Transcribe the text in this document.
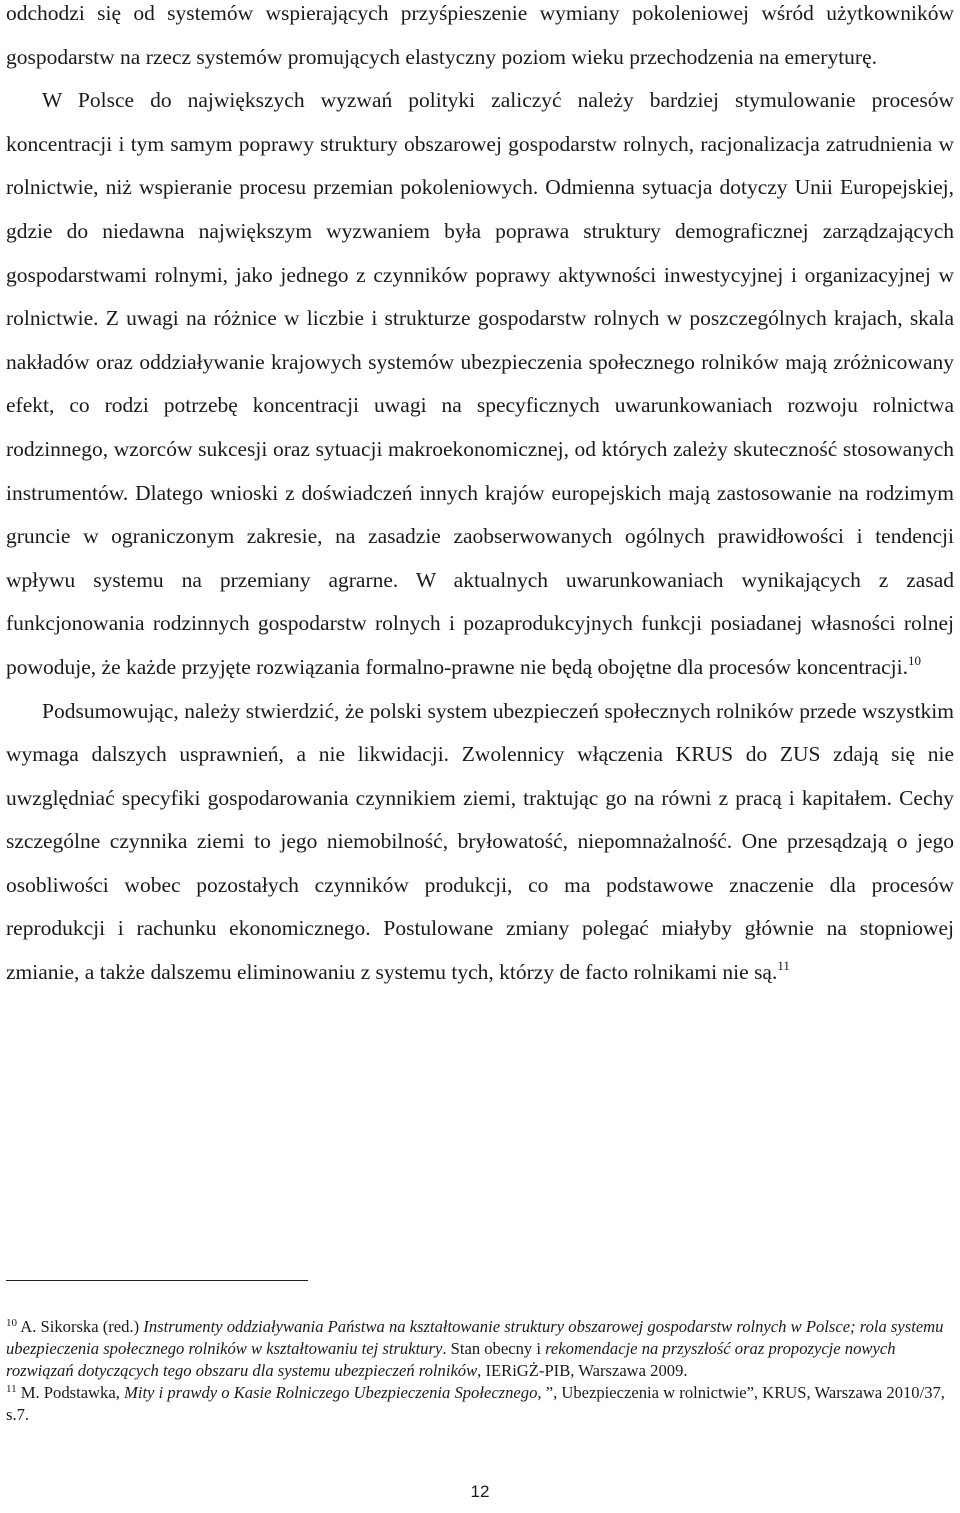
odchodzi się od systemów wspierających przyśpieszenie wymiany pokoleniowej wśród użytkowników gospodarstw na rzecz systemów promujących elastyczny poziom wieku przechodzenia na emeryturę.

W Polsce do największych wyzwań polityki zaliczyć należy bardziej stymulowanie procesów koncentracji i tym samym poprawy struktury obszarowej gospodarstw rolnych, racjonalizacja zatrudnienia w rolnictwie, niż wspieranie procesu przemian pokoleniowych. Odmienna sytuacja dotyczy Unii Europejskiej, gdzie do niedawna największym wyzwaniem była poprawa struktury demograficznej zarządzających gospodarstwami rolnymi, jako jednego z czynników poprawy aktywności inwestycyjnej i organizacyjnej w rolnictwie. Z uwagi na różnice w liczbie i strukturze gospodarstw rolnych w poszczególnych krajach, skala nakładów oraz oddziaływanie krajowych systemów ubezpieczenia społecznego rolników mają zróżnicowany efekt, co rodzi potrzebę koncentracji uwagi na specyficznych uwarunkowaniach rozwoju rolnictwa rodzinnego, wzorców sukcesji oraz sytuacji makroekonomicznej, od których zależy skuteczność stosowanych instrumentów. Dlatego wnioski z doświadczeń innych krajów europejskich mają zastosowanie na rodzimym gruncie w ograniczonym zakresie, na zasadzie zaobserwowanych ogólnych prawidłowości i tendencji wpływu systemu na przemiany agrarne. W aktualnych uwarunkowaniach wynikających z zasad funkcjonowania rodzinnych gospodarstw rolnych i pozaprodukcyjnych funkcji posiadanej własności rolnej powoduje, że każde przyjęte rozwiązania formalno-prawne nie będą obojętne dla procesów koncentracji.$^{10}$

Podsumowując, należy stwierdzić, że polski system ubezpieczeń społecznych rolników przede wszystkim wymaga dalszych usprawnień, a nie likwidacji. Zwolennicy włączenia KRUS do ZUS zdają się nie uwzględniać specyfiki gospodarowania czynnikiem ziemi, traktując go na równi z pracą i kapitałem. Cechy szczególne czynnika ziemi to jego niemobilność, bryłowatość, niepomnażalność. One przesądzają o jego osobliwości wobec pozostałych czynników produkcji, co ma podstawowe znaczenie dla procesów reprodukcji i rachunku ekonomicznego. Postulowane zmiany polegać miałyby głównie na stopniowej zmianie, a także dalszemu eliminowaniu z systemu tych, którzy de facto rolnikami nie są.$^{11}$

$^{10}$ A. Sikorska (red.) Instrumenty oddziaływania Państwa na kształtowanie struktury obszarowej gospodarstw rolnych w Polsce; rola systemu ubezpieczenia społecznego rolników w kształtowaniu tej struktury. Stan obecny i rekomendacje na przyszłość oraz propozycje nowych rozwiązań dotyczących tego obszaru dla systemu ubezpieczeń rolników, IERiGŻ-PIB, Warszawa 2009.

$^{11}$ M. Podstawka, Mity i prawdy o Kasie Rolniczego Ubezpieczenia Społecznego, ”, Ubezpieczenia w rolnictwie”, KRUS, Warszawa 2010/37, s.7.

12
